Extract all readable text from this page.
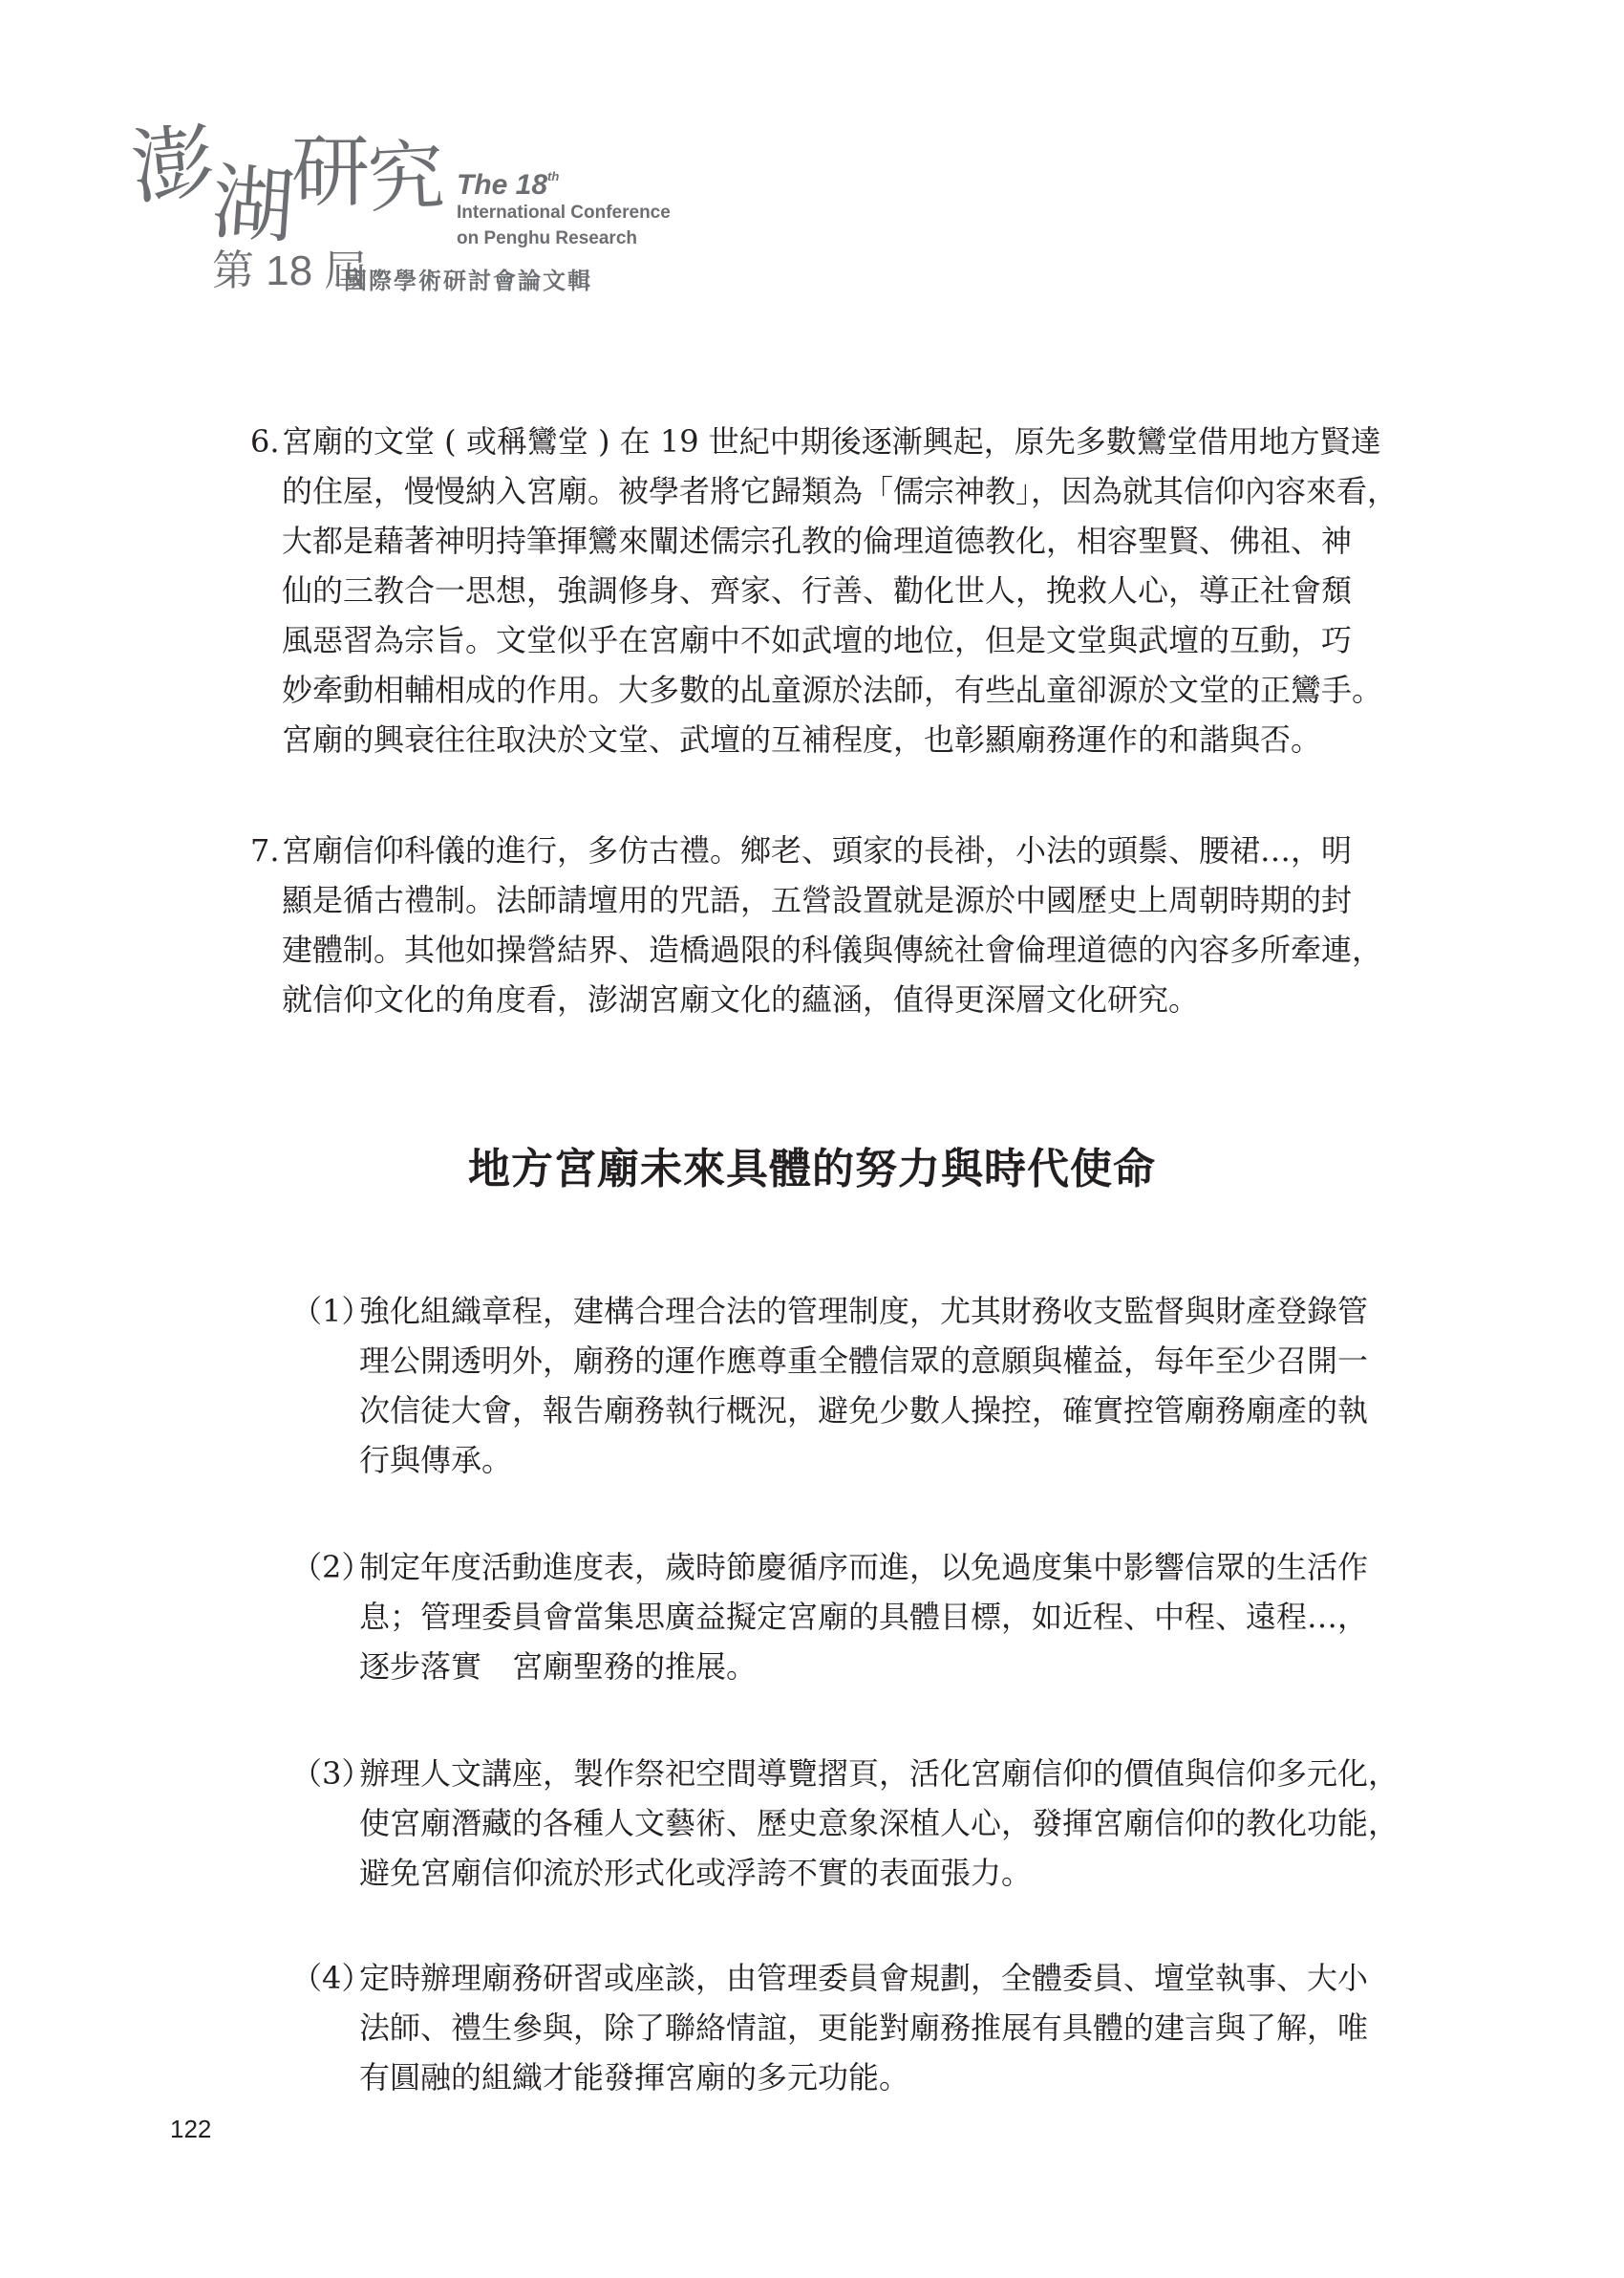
澎
湖
研
究 The 18th
International Conference
on Penghu Research
第 18 屆
國際學術研討會論文輯
6. 宮廟的文堂 ( 或稱鸞堂 ) 在 19 世紀中期後逐漸興起，原先多數鸞堂借用地方賢達
的住屋，慢慢納入宮廟。被學者將它歸類為「儒宗神教」，因為就其信仰內容來看，
大都是藉著神明持筆揮鸞來闡述儒宗孔教的倫理道德教化，相容聖賢、佛祖、神
仙的三教合一思想，強調修身、齊家、行善、勸化世人，挽救人心，導正社會頹
風惡習為宗旨。文堂似乎在宮廟中不如武壇的地位，但是文堂與武壇的互動，巧
妙牽動相輔相成的作用。大多數的乩童源於法師，有些乩童卻源於文堂的正鸞手。
宮廟的興衰往往取決於文堂、武壇的互補程度，也彰顯廟務運作的和諧與否。
7. 宮廟信仰科儀的進行，多仿古禮。鄉老、頭家的長褂，小法的頭鬃、腰裙…，明
顯是循古禮制。法師請壇用的咒語，五營設置就是源於中國歷史上周朝時期的封
建體制。其他如操營結界、造橋過限的科儀與傳統社會倫理道德的內容多所牽連，
就信仰文化的角度看，澎湖宮廟文化的蘊涵，值得更深層文化研究。
地方宮廟未來具體的努力與時代使命
（1）
強化組織章程，建構合理合法的管理制度，尤其財務收支監督與財產登錄管
理公開透明外，廟務的運作應尊重全體信眾的意願與權益，每年至少召開一
次信徒大會，報告廟務執行概況，避免少數人操控，確實控管廟務廟產的執
行與傳承。
（2）
制定年度活動進度表，歲時節慶循序而進，以免過度集中影響信眾的生活作
息；管理委員會當集思廣益擬定宮廟的具體目標，如近程、中程、遠程…，
逐步落實　宮廟聖務的推展。
（3）
辦理人文講座，製作祭祀空間導覽摺頁，活化宮廟信仰的價值與信仰多元化，
使宮廟潛藏的各種人文藝術、歷史意象深植人心，發揮宮廟信仰的教化功能，
避免宮廟信仰流於形式化或浮誇不實的表面張力。
（4）
定時辦理廟務研習或座談，由管理委員會規劃，全體委員、壇堂執事、大小
法師、禮生參與，除了聯絡情誼，更能對廟務推展有具體的建言與了解，唯
有圓融的組織才能發揮宮廟的多元功能。
122
